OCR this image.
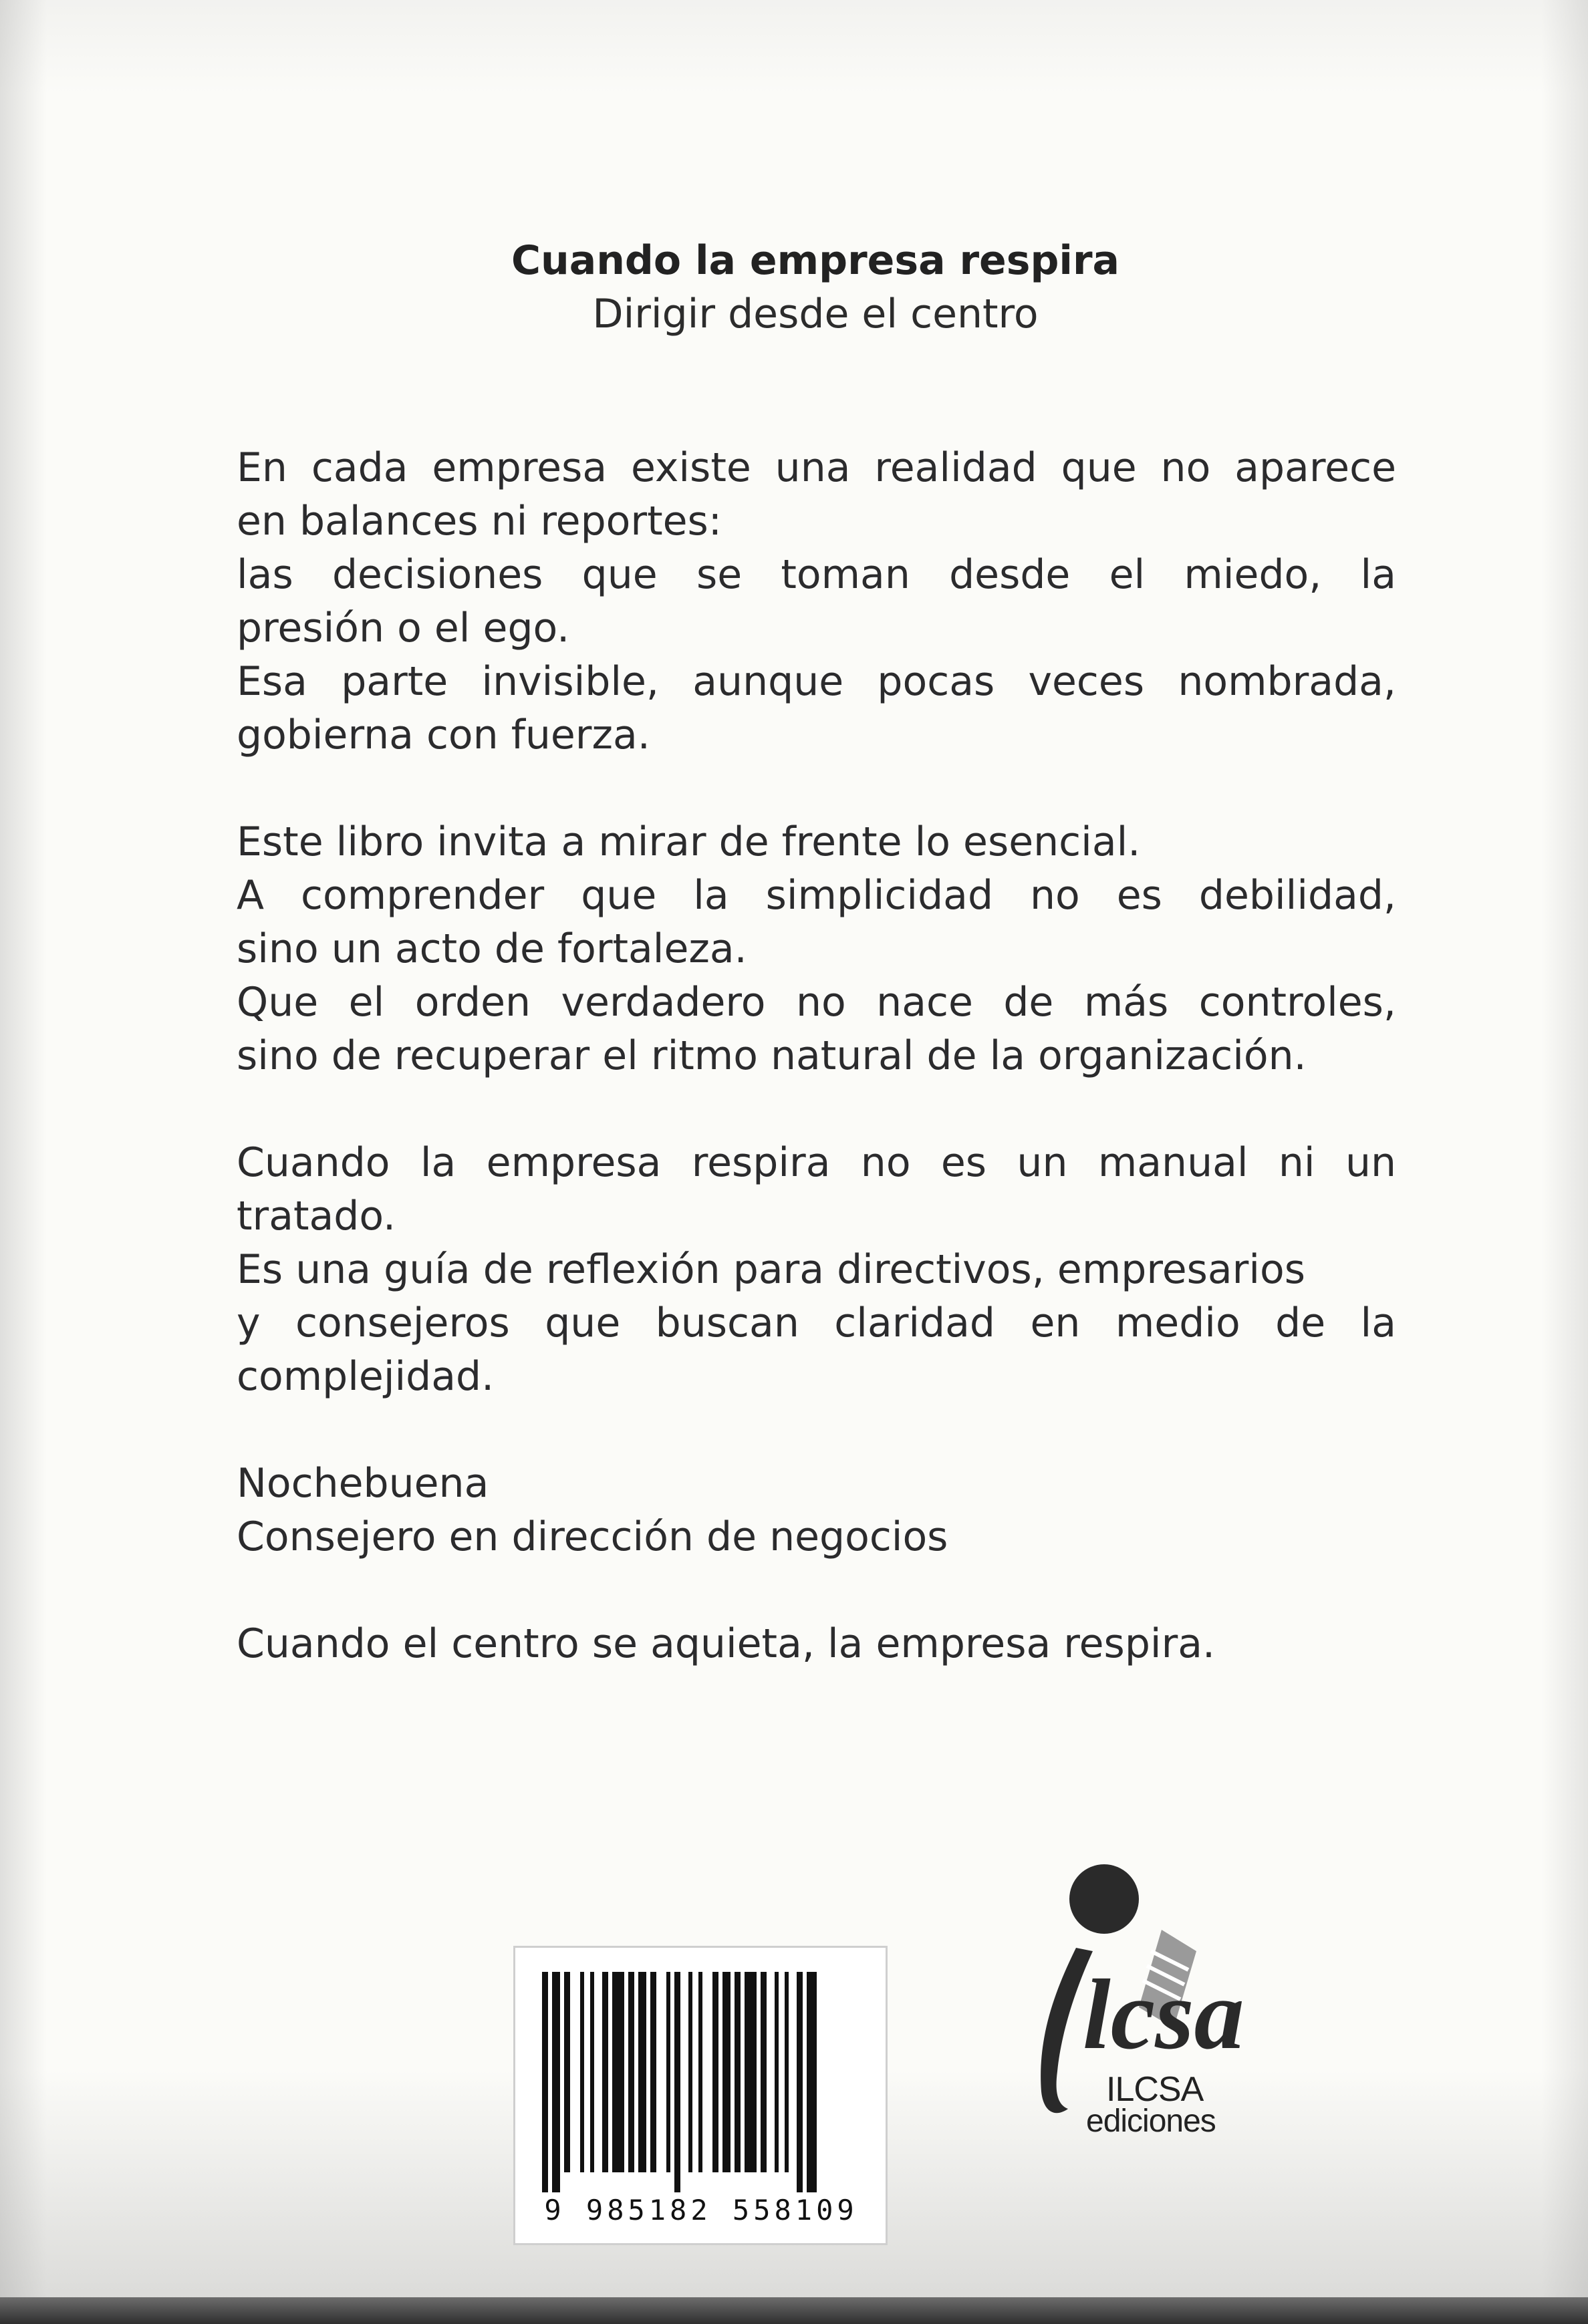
Cuando la empresa respira
Dirigir desde el centro
En cada empresa existe una realidad que no aparece
en balances ni reportes:
las decisiones que se toman desde el miedo, la
presión o el ego.
Esa parte invisible, aunque pocas veces nombrada,
gobierna con fuerza.
Este libro invita a mirar de frente lo esencial.
A comprender que la simplicidad no es debilidad,
sino un acto de fortaleza.
Que el orden verdadero no nace de más controles,
sino de recuperar el ritmo natural de la organización.
Cuando la empresa respira no es un manual ni un
tratado.
Es una guía de reflexión para directivos, empresarios
y consejeros que buscan claridad en medio de la
complejidad.
Nochebuena
Consejero en dirección de negocios
Cuando el centro se aquieta, la empresa respira.
9 985182 558109
lcsa
ILCSA
ediciones
